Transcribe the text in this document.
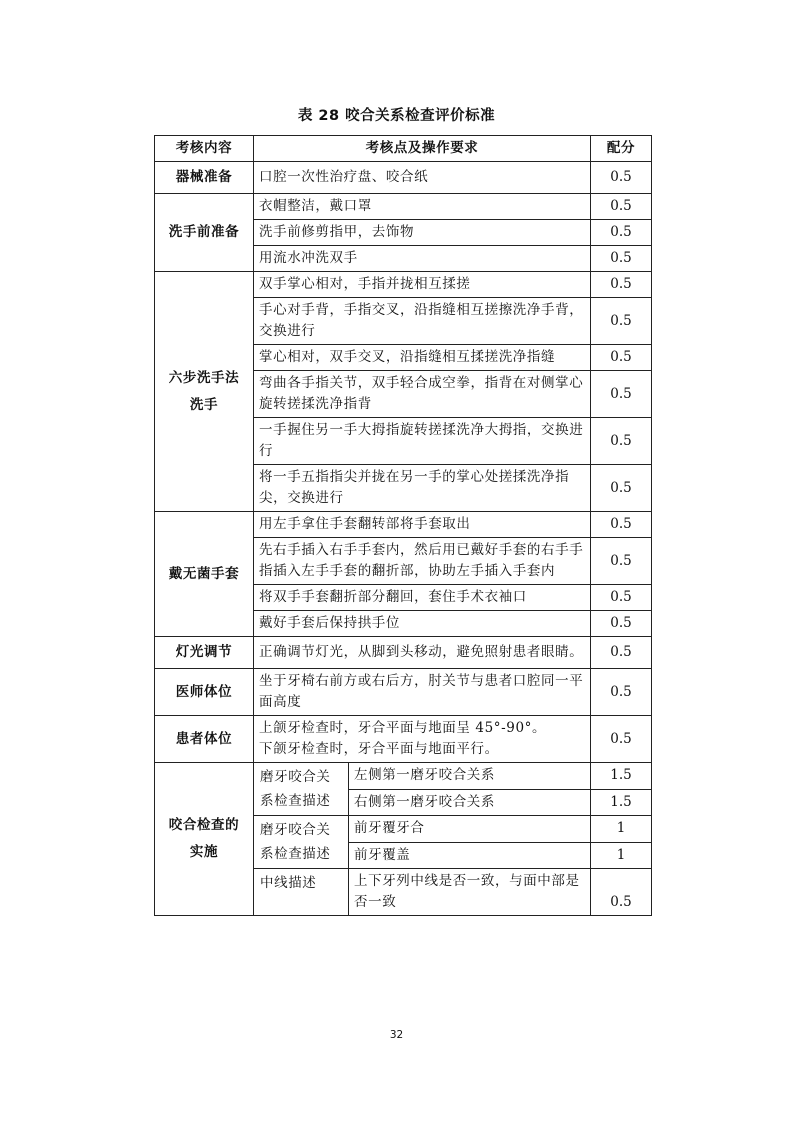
表 28 咬合关系检查评价标准
考核内容	考核点及操作要求		配分
器械准备	口腔一次性治疗盘、咬合纸		0.5
洗手前准备	衣帽整洁，戴口罩		0.5
	洗手前修剪指甲，去饰物		0.5
	用流水冲洗双手		0.5
六步洗手法
洗手	双手掌心相对，手指并拢相互揉搓		0.5
	手心对手背，手指交叉，沿指缝相互搓擦洗净手背，交换进行		0.5
	掌心相对，双手交叉，沿指缝相互揉搓洗净指缝		0.5
	弯曲各手指关节，双手轻合成空拳，指背在对侧掌心旋转搓揉洗净指背		0.5
	一手握住另一手大拇指旋转搓揉洗净大拇指，交换进行		0.5
	将一手五指指尖并拢在另一手的掌心处搓揉洗净指尖，交换进行		0.5
戴无菌手套	用左手拿住手套翻转部将手套取出		0.5
	先右手插入右手手套内，然后用已戴好手套的右手手指插入左手手套的翻折部，协助左手插入手套内		0.5
	将双手手套翻折部分翻回，套住手术衣袖口		0.5
	戴好手套后保持拱手位		0.5
灯光调节	正确调节灯光，从脚到头移动，避免照射患者眼睛。		0.5
医师体位	坐于牙椅右前方或右后方，肘关节与患者口腔同一平面高度		0.5
患者体位	上颌牙检查时，牙合平面与地面呈 45°-90°。
下颌牙检查时，牙合平面与地面平行。		0.5
咬合检查的
实施	磨牙咬合关系检查描述	左侧第一磨牙咬合关系	1.5
		右侧第一磨牙咬合关系	1.5
	磨牙咬合关系检查描述	前牙覆牙合	1
		前牙覆盖	1
	中线描述	上下牙列中线是否一致，与面中部是否一致	0.5
32
